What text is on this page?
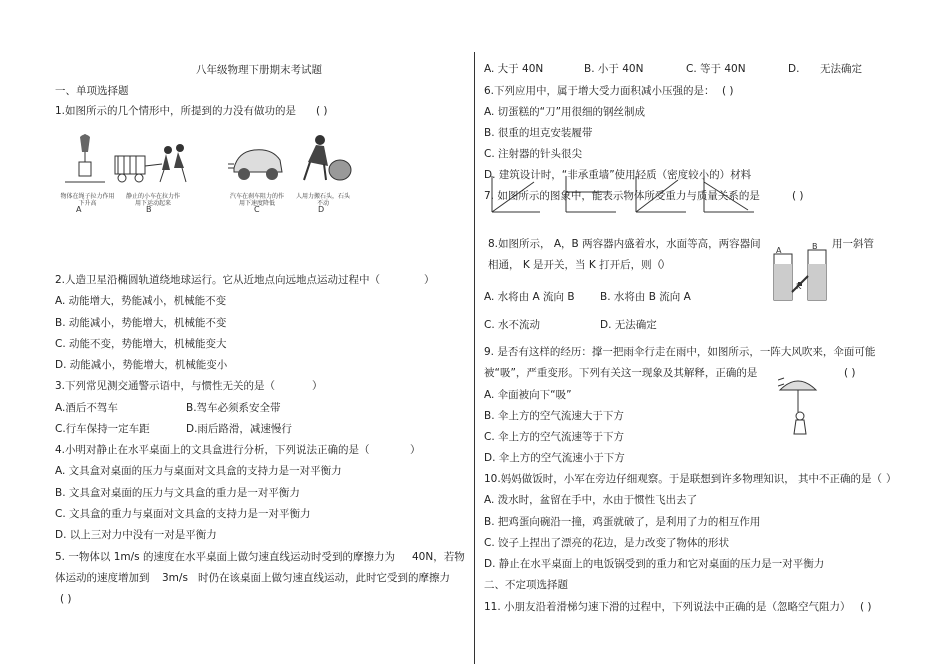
八年级物理下册期末考试题
一、单项选择题
1.如图所示的几个情形中，所提到的力没有做功的是 ( )
物体在绳子拉力作用下升高
A
静止的小车在拉力作用下运动起来
B
汽车在刹车阻力的作用下速度降低
C
人用力搬石头，石头不动
D
2.人造卫星沿椭圆轨道绕地球运行。它从近地点向远地点运动过程中（	）
A. 动能增大，势能减小，机械能不变
B. 动能减小，势能增大，机械能不变
C. 动能不变，势能增大，机械能变大
D. 动能减小，势能增大，机械能变小
3.下列常见测交通警示语中，与惯性无关的是（	）
A.酒后不驾车	B.驾车必须系安全带
C.行车保持一定车距	D.雨后路滑，减速慢行
4.小明对静止在水平桌面上的文具盒进行分析，下列说法正确的是（	）
A. 文具盒对桌面的压力与桌面对文具盒的支持力是一对平衡力
B. 文具盒对桌面的压力与文具盒的重力是一对平衡力
C. 文具盒的重力与桌面对文具盒的支持力是一对平衡力
D. 以上三对力中没有一对是平衡力
5. 一物体以 1m/s 的速度在水平桌面上做匀速直线运动时受到的摩擦力为 40N，若物
体运动的速度增加到 3m/s 时仍在该桌面上做匀速直线运动，此时它受到的摩擦力
( )
A. 大于 40N	B. 小于 40N	C. 等于 40N	D. 无法确定
6.下列应用中，属于增大受力面积减小压强的是： ( )
A. 切蛋糕的“刀”用很细的钢丝制成
B. 很重的坦克安装履带
C. 注射器的针头很尖
D. 建筑设计时，“非承重墙”使用轻质（密度较小的）材料
7. 如图所示的图象中，能表示物体所受重力与质量关系的是	( )
8.如图所示， A，B 两容器内盛着水，水面等高，两容器间	用一斜管
相通， K 是开关，当 K 打开后，则（
）
A	B
K
A. 水将由 A 流向 B B. 水将由 B 流向 A
C. 水不流动	D. 无法确定
9. 是否有这样的经历：撑一把雨伞行走在雨中，如图所示，一阵大风吹来，伞面可能
被“吸”，严重变形。下列有关这一现象及其解释，正确的是	( )
A. 伞面被向下“吸”
B. 伞上方的空气流速大于下方
C. 伞上方的空气流速等于下方
D. 伞上方的空气流速小于下方
10.妈妈做饭时，小军在旁边仔细观察。于是联想到许多物理知识， 其中不正确的是（ ）
A. 泼水时，盆留在手中，水由于惯性飞出去了
B. 把鸡蛋向碗沿一撞，鸡蛋就破了，是利用了力的相互作用
C. 饺子上捏出了漂亮的花边，是力改变了物体的形状
D. 静止在水平桌面上的电饭锅受到的重力和它对桌面的压力是一对平衡力
二、不定项选择题
11. 小朋友沿着滑梯匀速下滑的过程中，下列说法中正确的是（忽略空气阻力） ( )
